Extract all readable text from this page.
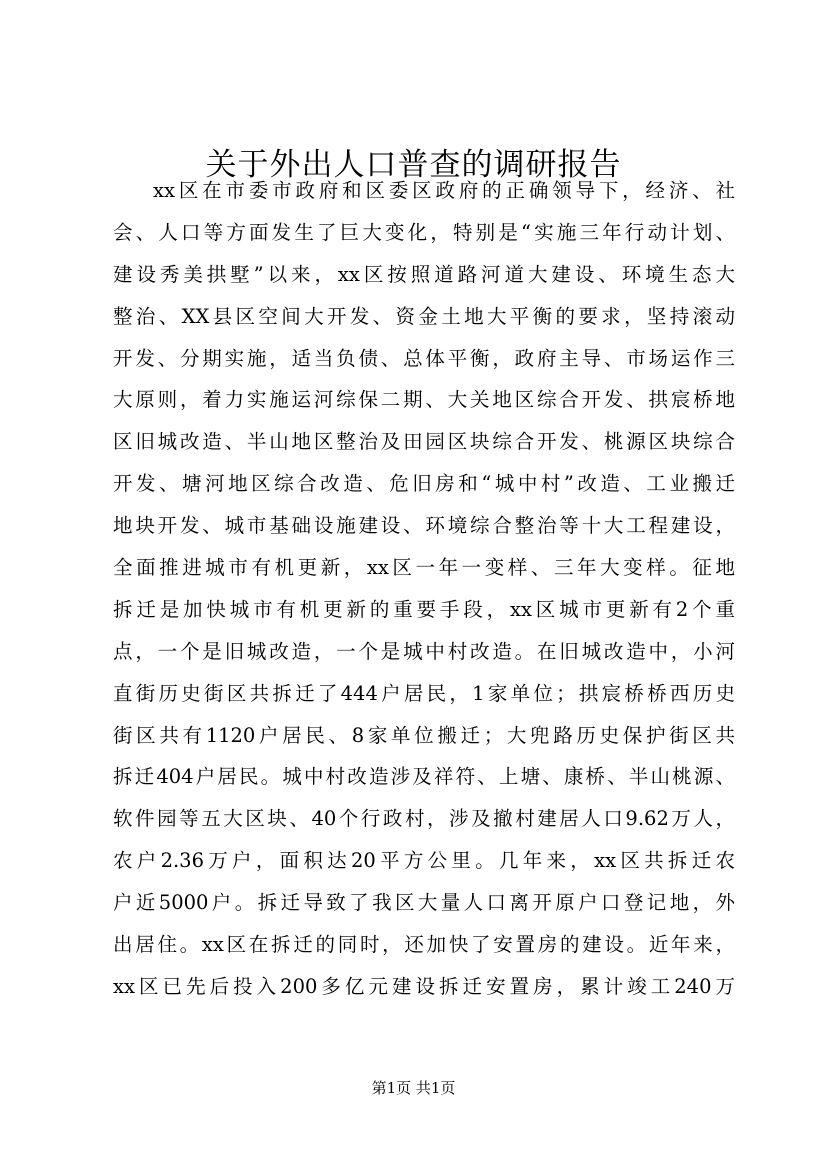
关于外出人口普查的调研报告
xx区在市委市政府和区委区政府的正确领导下，经济、社
会、人口等方面发生了巨大变化，特别是“实施三年行动计划、
建设秀美拱墅”以来，xx区按照道路河道大建设、环境生态大
整治、XX县区空间大开发、资金土地大平衡的要求，坚持滚动
开发、分期实施，适当负债、总体平衡，政府主导、市场运作三
大原则，着力实施运河综保二期、大关地区综合开发、拱宸桥地
区旧城改造、半山地区整治及田园区块综合开发、桃源区块综合
开发、塘河地区综合改造、危旧房和“城中村”改造、工业搬迁
地块开发、城市基础设施建设、环境综合整治等十大工程建设，
全面推进城市有机更新，xx区一年一变样、三年大变样。征地
拆迁是加快城市有机更新的重要手段，xx区城市更新有2个重
点，一个是旧城改造，一个是城中村改造。在旧城改造中，小河
直街历史街区共拆迁了444户居民，1家单位；拱宸桥桥西历史
街区共有1120户居民、8家单位搬迁；大兜路历史保护街区共
拆迁404户居民。城中村改造涉及祥符、上塘、康桥、半山桃源、
软件园等五大区块、40个行政村，涉及撤村建居人口9.62万人，
农户2.36万户，面积达20平方公里。几年来，xx区共拆迁农
户近5000户。拆迁导致了我区大量人口离开原户口登记地，外
出居住。xx区在拆迁的同时，还加快了安置房的建设。近年来，
xx区已先后投入200多亿元建设拆迁安置房，累计竣工240万
第1页 共1页
